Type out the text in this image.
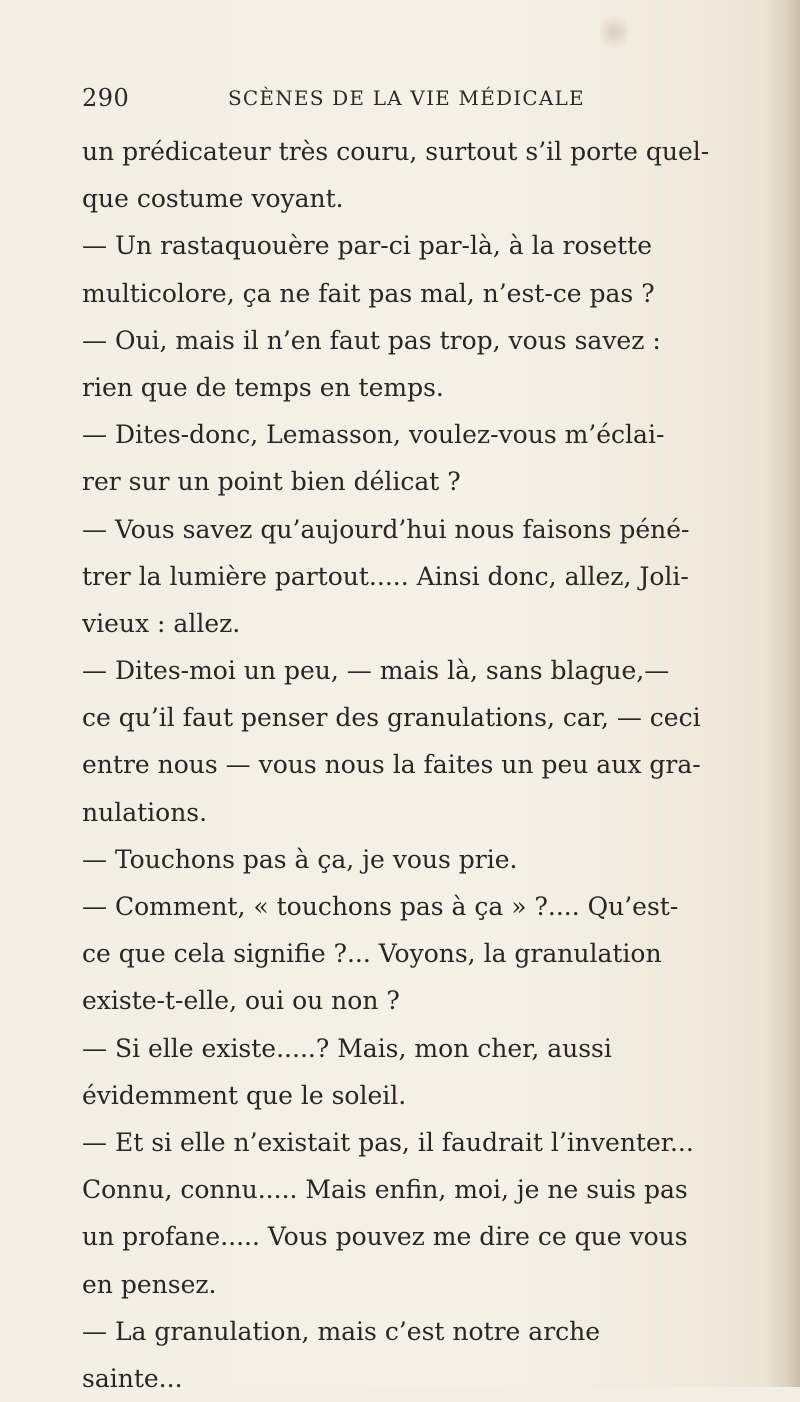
290	SCÈNES DE LA VIE MÉDICALE
un prédicateur très couru, surtout s’il porte quel-
que costume voyant.
— Un rastaquouère par-ci par-là, à la rosette
multicolore, ça ne fait pas mal, n’est-ce pas ?
— Oui, mais il n’en faut pas trop, vous savez :
rien que de temps en temps.
— Dites-donc, Lemasson, voulez-vous m’éclai-
rer sur un point bien délicat ?
— Vous savez qu’aujourd’hui nous faisons péné-
trer la lumière partout..... Ainsi donc, allez, Joli-
vieux : allez.
— Dites-moi un peu, — mais là, sans blague,—
ce qu’il faut penser des granulations, car, — ceci
entre nous — vous nous la faites un peu aux gra-
nulations.
— Touchons pas à ça, je vous prie.
— Comment, « touchons pas à ça » ?.... Qu’est-
ce que cela signifie ?... Voyons, la granulation
existe-t-elle, oui ou non ?
— Si elle existe.....? Mais, mon cher, aussi
évidemment que le soleil.
— Et si elle n’existait pas, il faudrait l’inventer...
Connu, connu..... Mais enfin, moi, je ne suis pas
un profane..... Vous pouvez me dire ce que vous
en pensez.
— La granulation, mais c’est notre arche
sainte...
